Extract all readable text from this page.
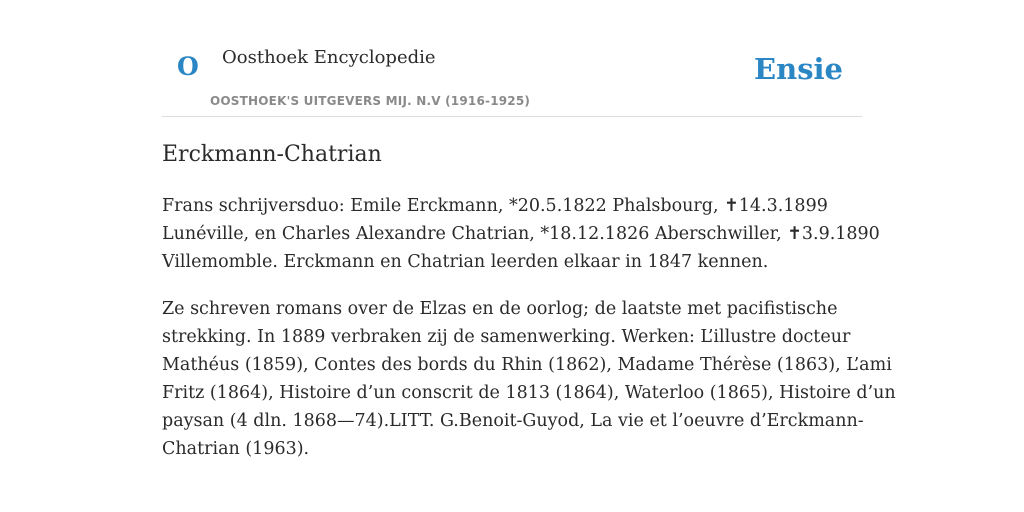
O Oosthoek Encyclopedie
OOSTHOEK'S UITGEVERS MIJ. N.V (1916-1925)
Ensie
Erckmann-Chatrian

Frans schrijversduo: Emile Erckmann, *20.5.1822 Phalsbourg, ✝14.3.1899
Lunéville, en Charles Alexandre Chatrian, *18.12.1826 Aberschwiller, ✝3.9.1890
Villemomble. Erckmann en Chatrian leerden elkaar in 1847 kennen.

Ze schreven romans over de Elzas en de oorlog; de laatste met pacifistische
strekking. In 1889 verbraken zij de samenwerking. Werken: L’illustre docteur
Mathéus (1859), Contes des bords du Rhin (1862), Madame Thérèse (1863), L’ami
Fritz (1864), Histoire d’un conscrit de 1813 (1864), Waterloo (1865), Histoire d’un
paysan (4 dln. 1868—74).LITT. G.Benoit-Guyod, La vie et l’oeuvre d’Erckmann-
Chatrian (1963).
